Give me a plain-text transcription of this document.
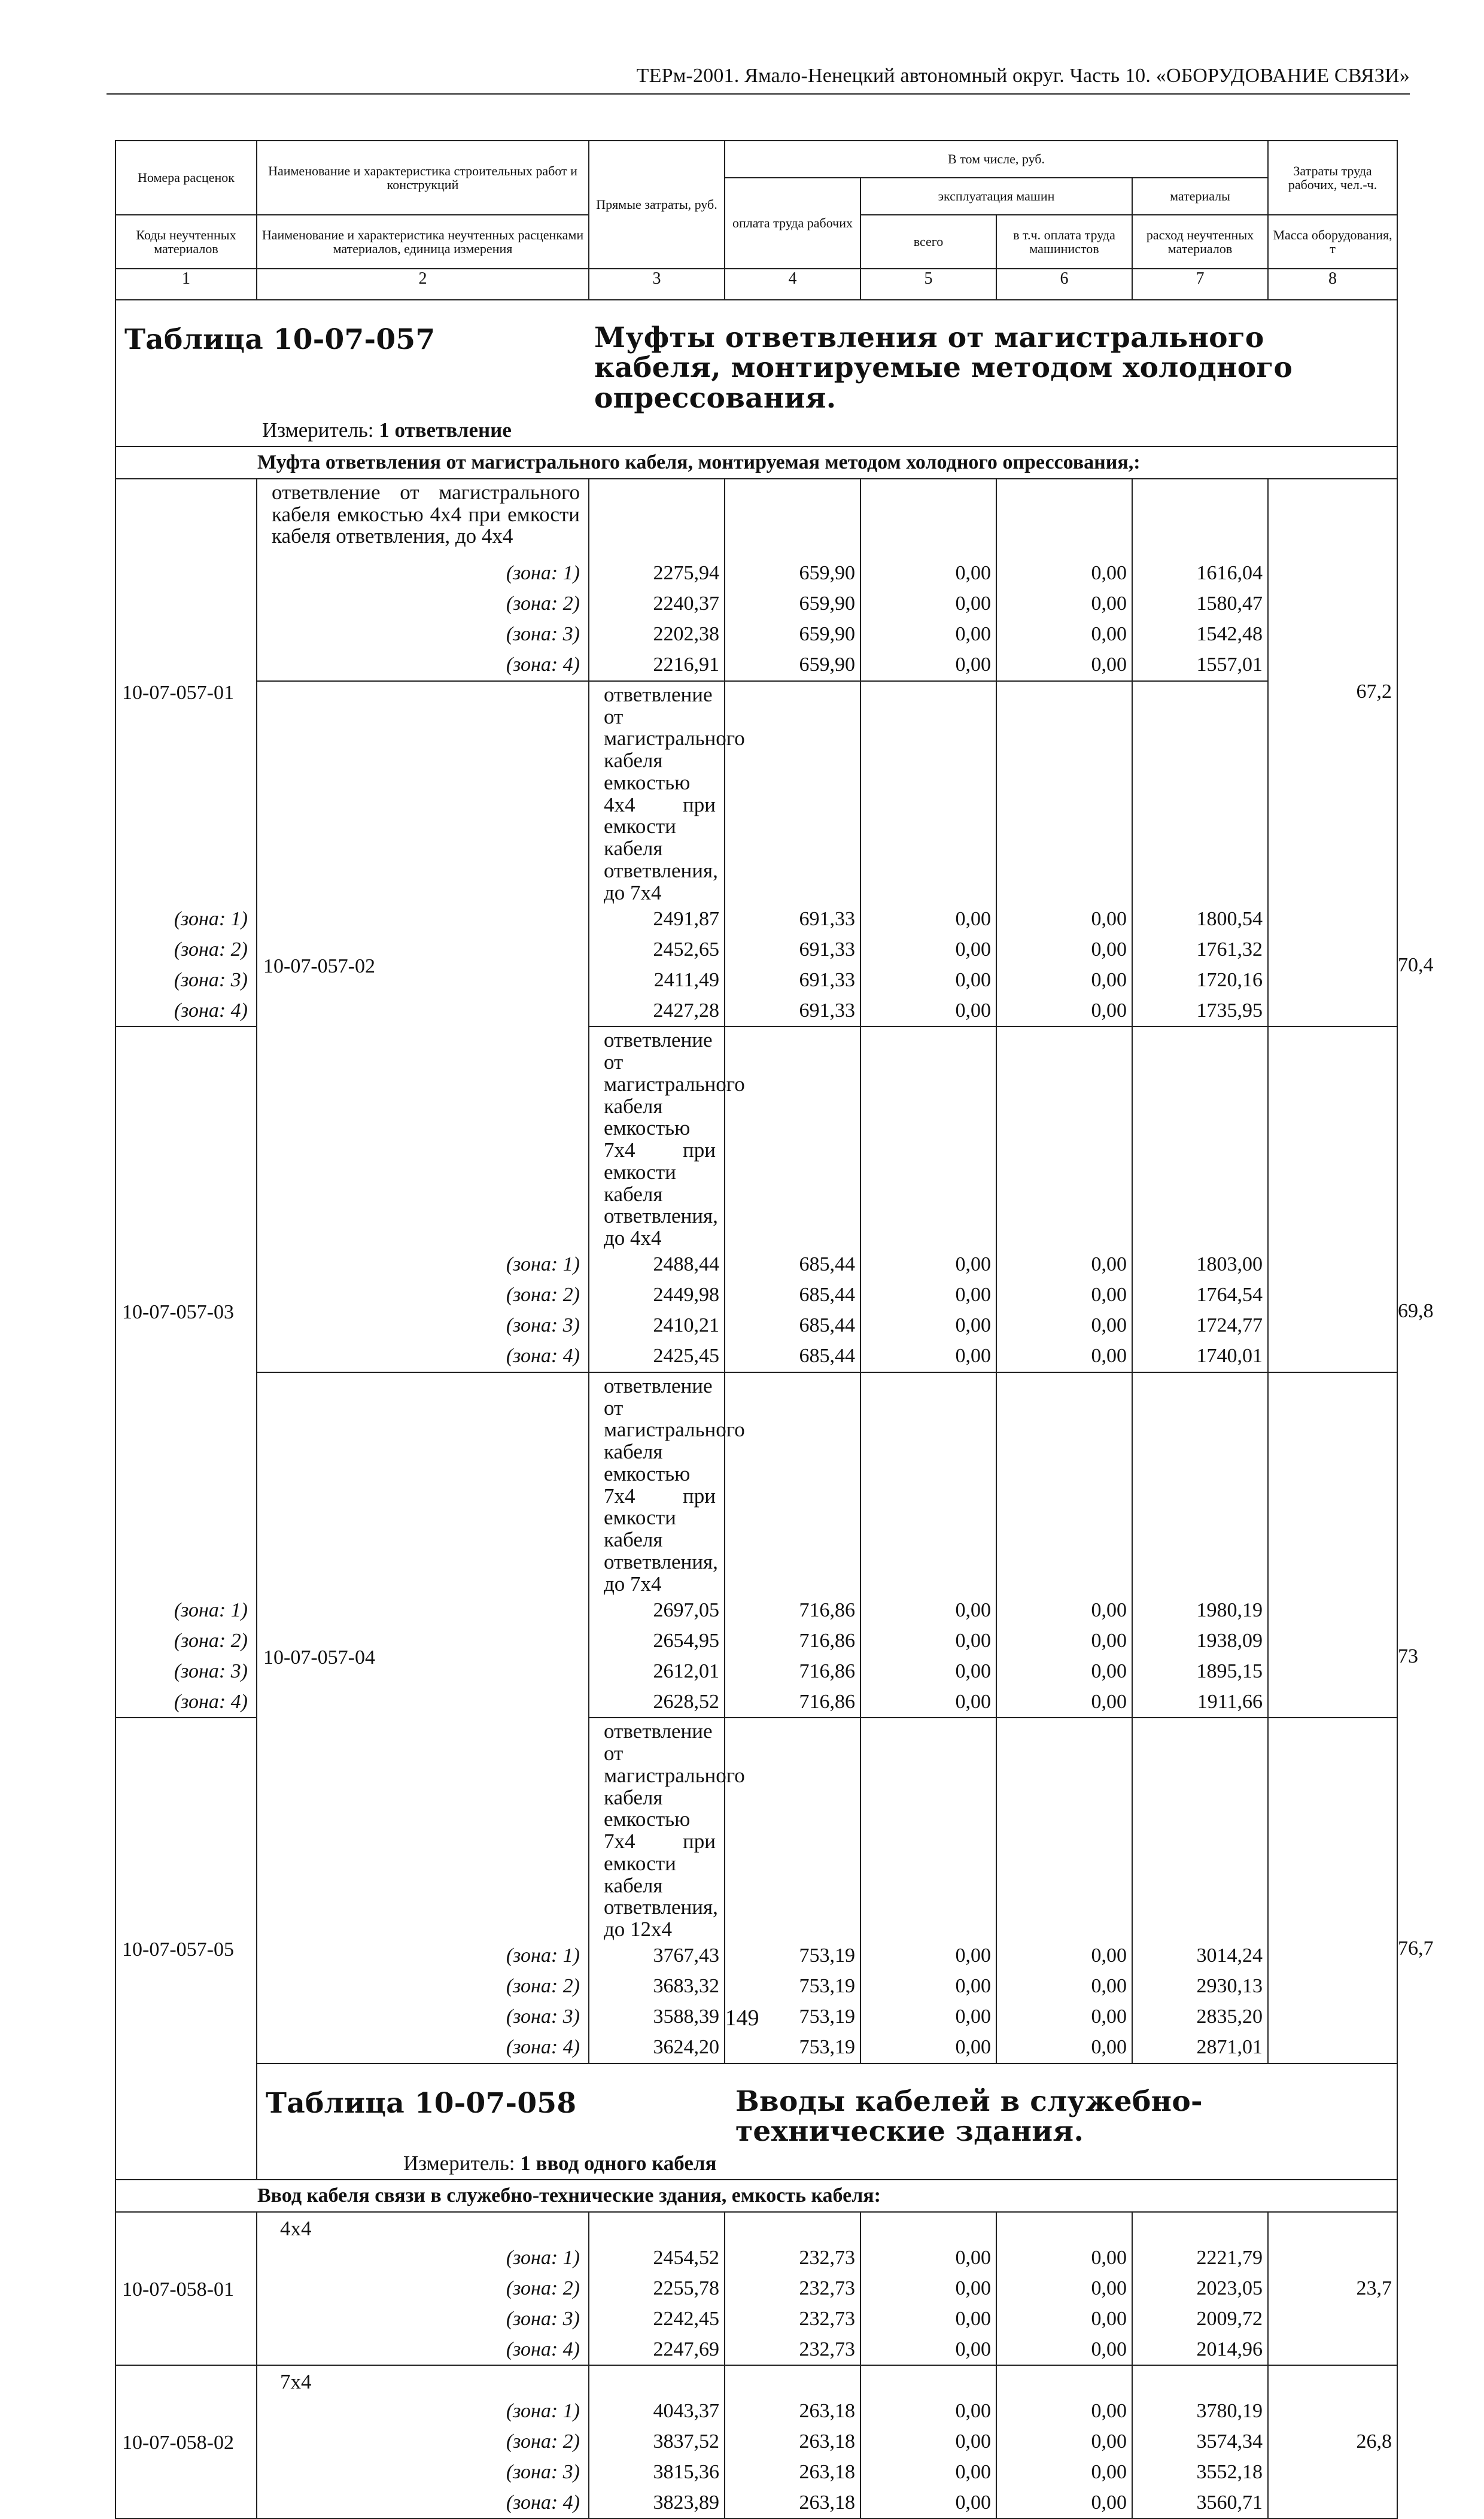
ТЕРм-2001. Ямало-Ненецкий автономный округ. Часть 10. «ОБОРУДОВАНИЕ СВЯЗИ»
Номера расценок	Наименование и характеристика строительных работ и конструкций	Прямые затраты, руб.	В том числе, руб.				Затраты труда рабочих, чел.-ч.	
			оплата труда рабочих	эксплуатация машин		материалы		
Коды неучтенных материалов	Наименование и характеристика неучтенных расценками материалов, единица измерения			всего	в т.ч. оплата труда машинистов	расход неучтенных материалов	Масса оборудования, т	
1	2	3	4	5	6	7	8	

Таблица 10-07-057 Муфты ответвления от магистрального кабеля, монтируемые методом холодного опрессования.
Измеритель: 1 ответвление								

Муфта ответвления от магистрального кабеля, монтируемая методом холодного опрессования,:								
10-07-057-01	ответвление от магистрального кабеля емкостью 4х4 при емкости кабеля ответвления, до 4х4						67,2	
	(зона: 1)	2275,94	659,90	0,00	0,00	1616,04		
	(зона: 2)	2240,37	659,90	0,00	0,00	1580,47		
	(зона: 3)	2202,38	659,90	0,00	0,00	1542,48		
	(зона: 4)	2216,91	659,90	0,00	0,00	1557,01		
	10-07-057-02	ответвление от магистрального кабеля емкостью 4х4 при емкости кабеля ответвления, до 7х4						70,4
(зона: 1)		2491,87	691,33	0,00	0,00	1800,54		
(зона: 2)		2452,65	691,33	0,00	0,00	1761,32		
(зона: 3)		2411,49	691,33	0,00	0,00	1720,16		
(зона: 4)		2427,28	691,33	0,00	0,00	1735,95		
10-07-057-03		ответвление от магистрального кабеля емкостью 7х4 при емкости кабеля ответвления, до 4х4						69,8
	(зона: 1)	2488,44	685,44	0,00	0,00	1803,00		
	(зона: 2)	2449,98	685,44	0,00	0,00	1764,54		
	(зона: 3)	2410,21	685,44	0,00	0,00	1724,77		
	(зона: 4)	2425,45	685,44	0,00	0,00	1740,01		
	10-07-057-04	ответвление от магистрального кабеля емкостью 7х4 при емкости кабеля ответвления, до 7х4						73
(зона: 1)		2697,05	716,86	0,00	0,00	1980,19		
(зона: 2)		2654,95	716,86	0,00	0,00	1938,09		
(зона: 3)		2612,01	716,86	0,00	0,00	1895,15		
(зона: 4)		2628,52	716,86	0,00	0,00	1911,66		
10-07-057-05		ответвление от магистрального кабеля емкостью 7х4 при емкости кабеля ответвления, до 12х4						76,7
	(зона: 1)	3767,43	753,19	0,00	0,00	3014,24		
	(зона: 2)	3683,32	753,19	0,00	0,00	2930,13		
	(зона: 3)	3588,39	753,19	0,00	0,00	2835,20		
	(зона: 4)	3624,20	753,19	0,00	0,00	2871,01		

	Таблица 10-07-058 Вводы кабелей в служебно-технические здания.
Измеритель: 1 ввод одного кабеля							

Ввод кабеля связи в служебно-технические здания, емкость кабеля:								
10-07-058-01	4х4						23,7	
	(зона: 1)	2454,52	232,73	0,00	0,00	2221,79		
	(зона: 2)	2255,78	232,73	0,00	0,00	2023,05		
	(зона: 3)	2242,45	232,73	0,00	0,00	2009,72		
	(зона: 4)	2247,69	232,73	0,00	0,00	2014,96		
10-07-058-02	7х4						26,8	
	(зона: 1)	4043,37	263,18	0,00	0,00	3780,19		
	(зона: 2)	3837,52	263,18	0,00	0,00	3574,34		
	(зона: 3)	3815,36	263,18	0,00	0,00	3552,18		
	(зона: 4)	3823,89	263,18	0,00	0,00	3560,71		
149
